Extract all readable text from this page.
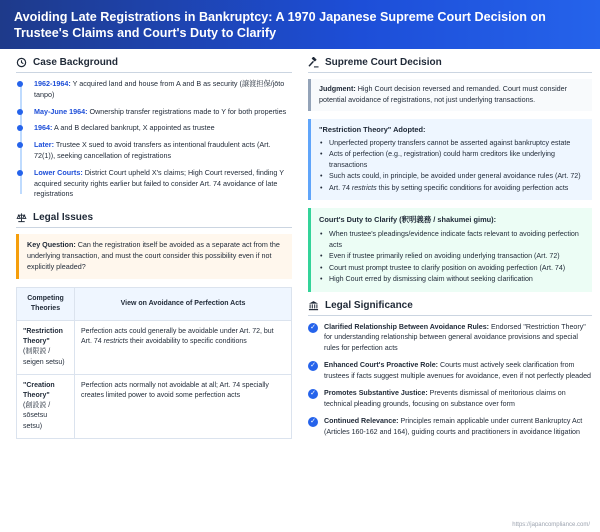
Avoiding Late Registrations in Bankruptcy: A 1970 Japanese Supreme Court Decision on Trustee's Claims and Court's Duty to Clarify
Case Background
1962-1964: Y acquired land and house from A and B as security (譲渡担保/jōto tanpo)
May-June 1964: Ownership transfer registrations made to Y for both properties
1964: A and B declared bankrupt, X appointed as trustee
Later: Trustee X sued to avoid transfers as intentional fraudulent acts (Art. 72(1)), seeking cancellation of registrations
Lower Courts: District Court upheld X's claims; High Court reversed, finding Y acquired security rights earlier but failed to consider Art. 74 avoidance of late registrations
Legal Issues
Key Question: Can the registration itself be avoided as a separate act from the underlying transaction, and must the court consider this possibility even if not explicitly pleaded?
Competing Theories	View on Avoidance of Perfection Acts
"Restriction Theory"
(制限説 / seigen setsu)	Perfection acts could generally be avoidable under Art. 72, but Art. 74 restricts their avoidability to specific conditions
"Creation Theory"
(創設説 / sōsetsu setsu)	Perfection acts normally not avoidable at all; Art. 74 specially creates limited power to avoid some perfection acts
Supreme Court Decision
Judgment: High Court decision reversed and remanded. Court must consider potential avoidance of registrations, not just underlying transactions.
"Restriction Theory" Adopted:
• Unperfected property transfers cannot be asserted against bankruptcy estate
• Acts of perfection (e.g., registration) could harm creditors like underlying transactions
• Such acts could, in principle, be avoided under general avoidance rules (Art. 72)
• Art. 74 restricts this by setting specific conditions for avoiding perfection acts
Court's Duty to Clarify (釈明義務 / shakumei gimu):
• When trustee's pleadings/evidence indicate facts relevant to avoiding perfection acts
• Even if trustee primarily relied on avoiding underlying transaction (Art. 72)
• Court must prompt trustee to clarify position on avoiding perfection (Art. 74)
• High Court erred by dismissing claim without seeking clarification
Legal Significance
✓ Clarified Relationship Between Avoidance Rules: Endorsed "Restriction Theory" for understanding relationship between general avoidance provisions and special rules for perfection acts
✓ Enhanced Court's Proactive Role: Courts must actively seek clarification from trustees if facts suggest multiple avenues for avoidance, even if not perfectly pleaded
✓ Promotes Substantive Justice: Prevents dismissal of meritorious claims on technical pleading grounds, focusing on substance over form
✓ Continued Relevance: Principles remain applicable under current Bankruptcy Act (Articles 160-162 and 164), guiding courts and practitioners in avoidance litigation
https://japancompliance.com/
